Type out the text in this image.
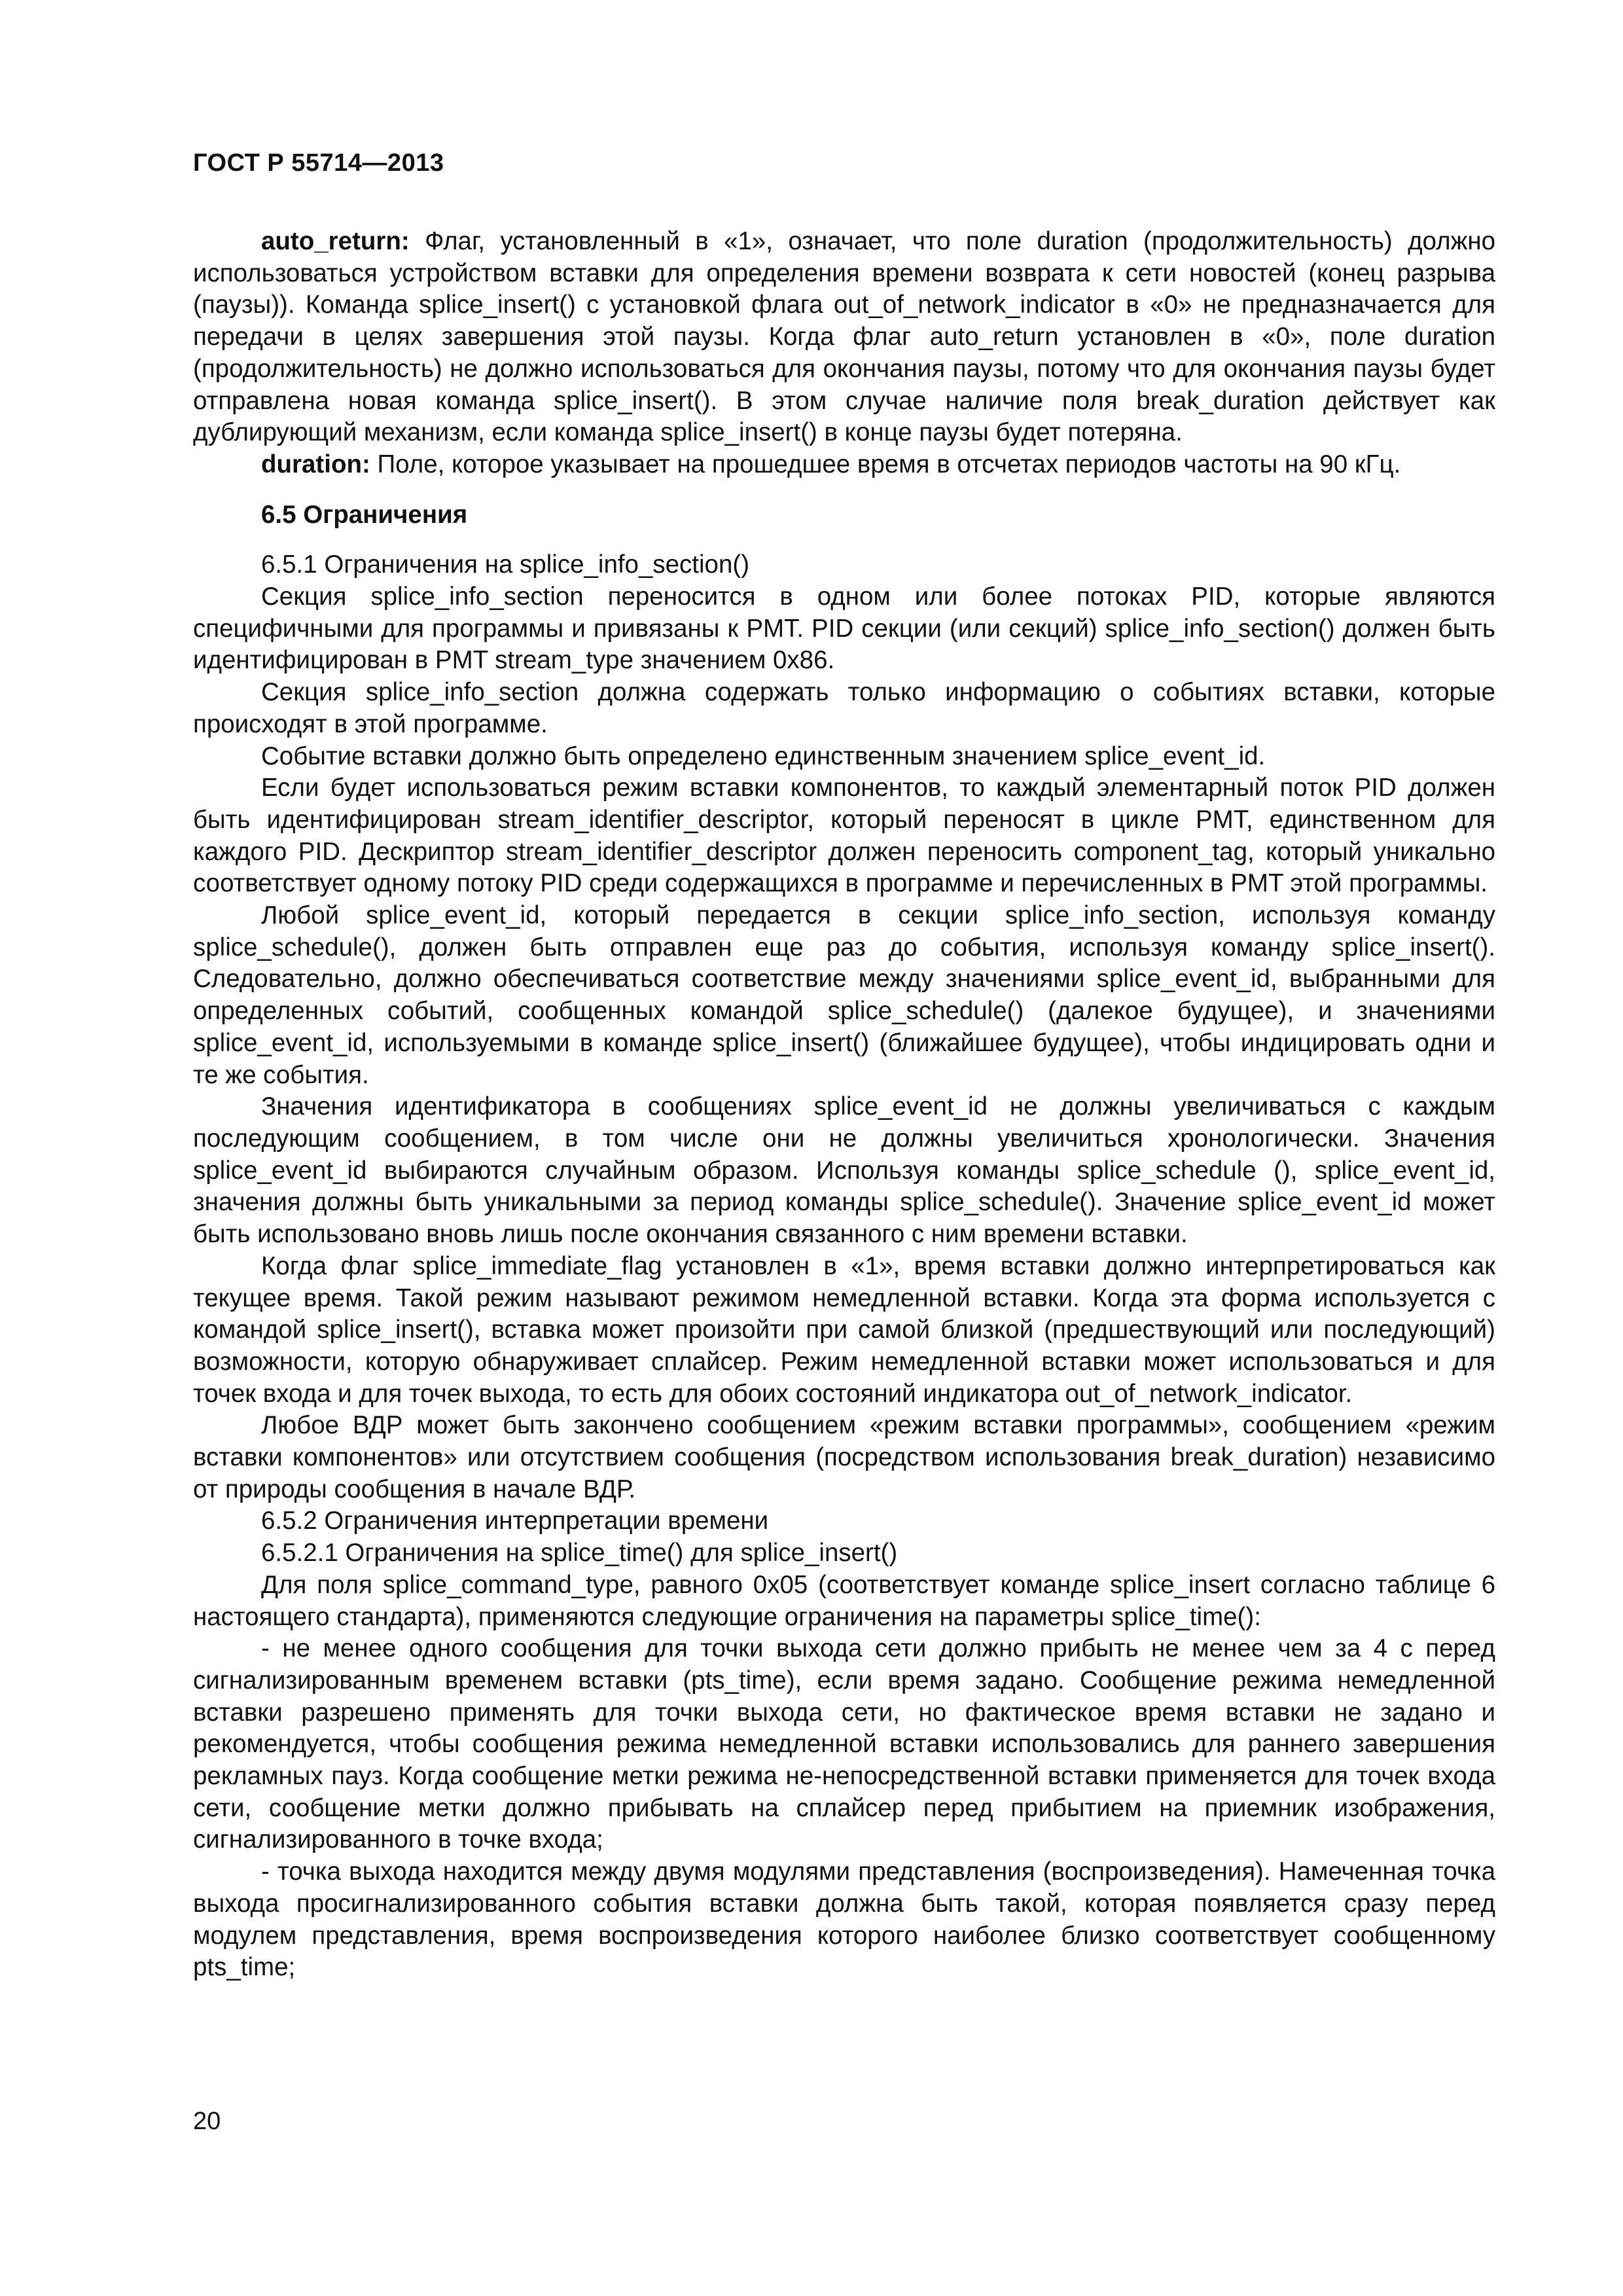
ГОСТ Р 55714—2013

auto_return: Флаг, установленный в «1», означает, что поле duration (продолжительность) должно использоваться устройством вставки для определения времени возврата к сети новостей (конец разрыва (паузы)). Команда splice_insert() с установкой флага out_of_network_indicator в «0» не предназначается для передачи в целях завершения этой паузы. Когда флаг auto_return установлен в «0», поле duration (продолжительность) не должно использоваться для окончания паузы, потому что для окончания паузы будет отправлена новая команда splice_insert(). В этом случае наличие поля break_duration действует как дублирующий механизм, если команда splice_insert() в конце паузы будет потеряна.

duration: Поле, которое указывает на прошедшее время в отсчетах периодов частоты на 90 кГц.

6.5 Ограничения

6.5.1 Ограничения на splice_info_section()

Секция splice_info_section переносится в одном или более потоках PID, которые являются специфичными для программы и привязаны к PMT. PID секции (или секций) splice_info_section() должен быть идентифицирован в PMT stream_type значением 0x86.

Секция splice_info_section должна содержать только информацию о событиях вставки, которые происходят в этой программе.

Событие вставки должно быть определено единственным значением splice_event_id.

Если будет использоваться режим вставки компонентов, то каждый элементарный поток PID должен быть идентифицирован stream_identifier_descriptor, который переносят в цикле PMT, единственном для каждого PID. Дескриптор stream_identifier_descriptor должен переносить component_tag, который уникально соответствует одному потоку PID среди содержащихся в программе и перечисленных в PMT этой программы.

Любой splice_event_id, который передается в секции splice_info_section, используя команду splice_schedule(), должен быть отправлен еще раз до события, используя команду splice_insert(). Следовательно, должно обеспечиваться соответствие между значениями splice_event_id, выбранными для определенных событий, сообщенных командой splice_schedule() (далекое будущее), и значениями splice_event_id, используемыми в команде splice_insert() (ближайшее будущее), чтобы индицировать одни и те же события.

Значения идентификатора в сообщениях splice_event_id не должны увеличиваться с каждым последующим сообщением, в том числе они не должны увеличиться хронологически. Значения splice_event_id выбираются случайным образом. Используя команды splice_schedule (), splice_event_id, значения должны быть уникальными за период команды splice_schedule(). Значение splice_event_id может быть использовано вновь лишь после окончания связанного с ним времени вставки.

Когда флаг splice_immediate_flag установлен в «1», время вставки должно интерпретироваться как текущее время. Такой режим называют режимом немедленной вставки. Когда эта форма используется с командой splice_insert(), вставка может произойти при самой близкой (предшествующий или последующий) возможности, которую обнаруживает сплайсер. Режим немедленной вставки может использоваться и для точек входа и для точек выхода, то есть для обоих состояний индикатора out_of_network_indicator.

Любое ВДР может быть закончено сообщением «режим вставки программы», сообщением «режим вставки компонентов» или отсутствием сообщения (посредством использования break_duration) независимо от природы сообщения в начале ВДР.

6.5.2 Ограничения интерпретации времени

6.5.2.1 Ограничения на splice_time() для splice_insert()

Для поля splice_command_type, равного 0x05 (соответствует команде splice_insert согласно таблице 6 настоящего стандарта), применяются следующие ограничения на параметры splice_time():

- не менее одного сообщения для точки выхода сети должно прибыть не менее чем за 4 с перед сигнализированным временем вставки (pts_time), если время задано. Сообщение режима немедленной вставки разрешено применять для точки выхода сети, но фактическое время вставки не задано и рекомендуется, чтобы сообщения режима немедленной вставки использовались для раннего завершения рекламных пауз. Когда сообщение метки режима не-непосредственной вставки применяется для точек входа сети, сообщение метки должно прибывать на сплайсер перед прибытием на приемник изображения, сигнализированного в точке входа;

- точка выхода находится между двумя модулями представления (воспроизведения). Намеченная точка выхода просигнализированного события вставки должна быть такой, которая появляется сразу перед модулем представления, время воспроизведения которого наиболее близко соответствует сообщенному pts_time;

20
